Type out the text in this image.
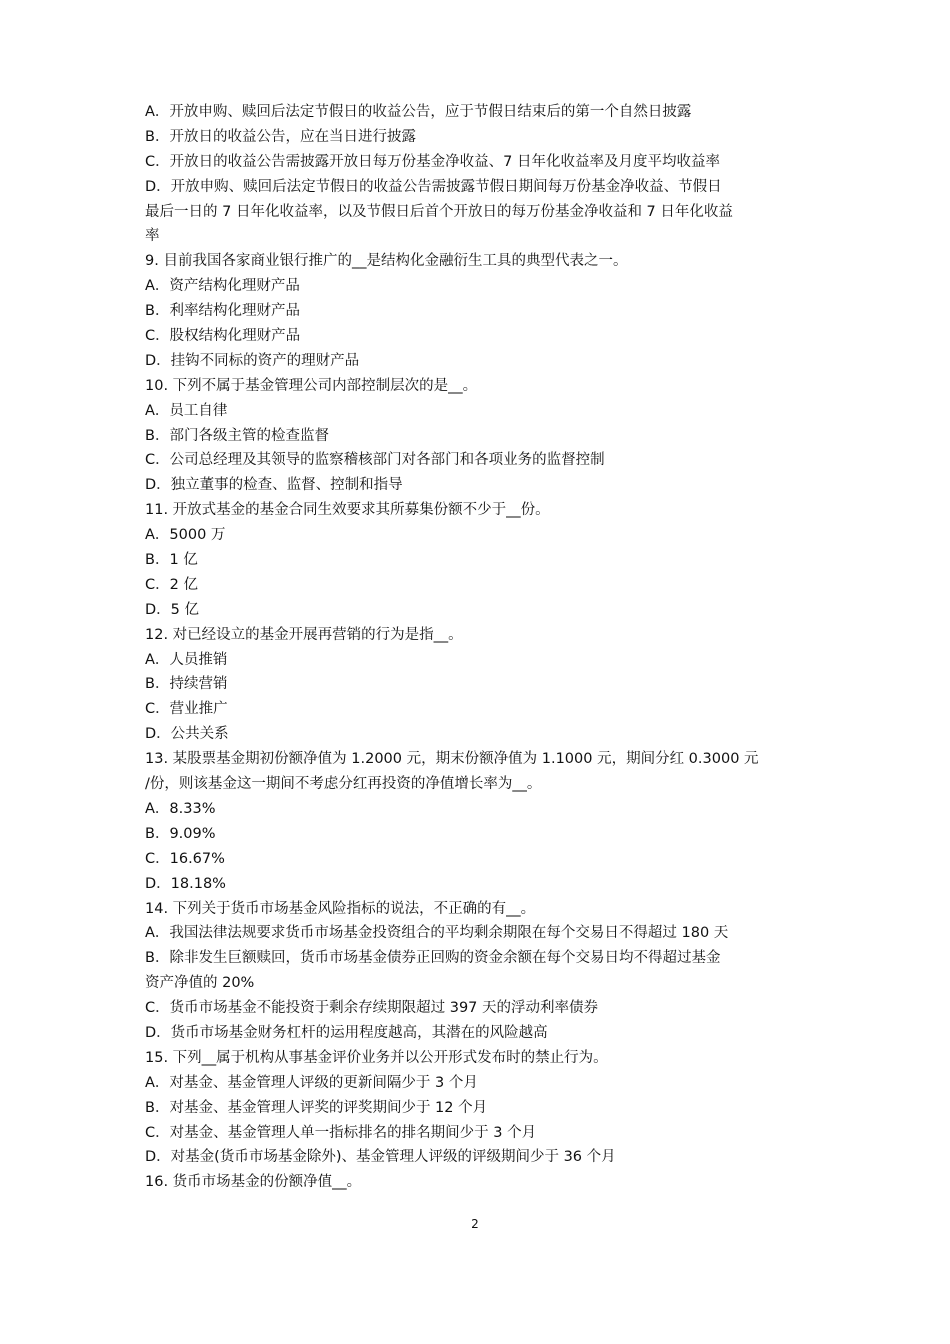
A．开放申购、赎回后法定节假日的收益公告，应于节假日结束后的第一个自然日披露
B．开放日的收益公告，应在当日进行披露
C．开放日的收益公告需披露开放日每万份基金净收益、7 日年化收益率及月度平均收益率
D．开放申购、赎回后法定节假日的收益公告需披露节假日期间每万份基金净收益、节假日
最后一日的 7 日年化收益率，以及节假日后首个开放日的每万份基金净收益和 7 日年化收益
率
9. 目前我国各家商业银行推广的__是结构化金融衍生工具的典型代表之一。
A．资产结构化理财产品
B．利率结构化理财产品
C．股权结构化理财产品
D．挂钩不同标的资产的理财产品
10. 下列不属于基金管理公司内部控制层次的是__。
A．员工自律
B．部门各级主管的检查监督
C．公司总经理及其领导的监察稽核部门对各部门和各项业务的监督控制
D．独立董事的检查、监督、控制和指导
11. 开放式基金的基金合同生效要求其所募集份额不少于__份。
A．5000 万
B．1 亿
C．2 亿
D．5 亿
12. 对已经设立的基金开展再营销的行为是指__。
A．人员推销
B．持续营销
C．营业推广
D．公共关系
13. 某股票基金期初份额净值为 1.2000 元，期末份额净值为 1.1000 元，期间分红 0.3000 元
/份，则该基金这一期间不考虑分红再投资的净值增长率为__。
A．8.33%
B．9.09%
C．16.67%
D．18.18%
14. 下列关于货币市场基金风险指标的说法，不正确的有__。
A．我国法律法规要求货币市场基金投资组合的平均剩余期限在每个交易日不得超过 180 天
B．除非发生巨额赎回，货币市场基金债券正回购的资金余额在每个交易日均不得超过基金
资产净值的 20%
C．货币市场基金不能投资于剩余存续期限超过 397 天的浮动利率债券
D．货币市场基金财务杠杆的运用程度越高，其潜在的风险越高
15. 下列__属于机构从事基金评价业务并以公开形式发布时的禁止行为。
A．对基金、基金管理人评级的更新间隔少于 3 个月
B．对基金、基金管理人评奖的评奖期间少于 12 个月
C．对基金、基金管理人单一指标排名的排名期间少于 3 个月
D．对基金(货币市场基金除外)、基金管理人评级的评级期间少于 36 个月
16. 货币市场基金的份额净值__。
2
